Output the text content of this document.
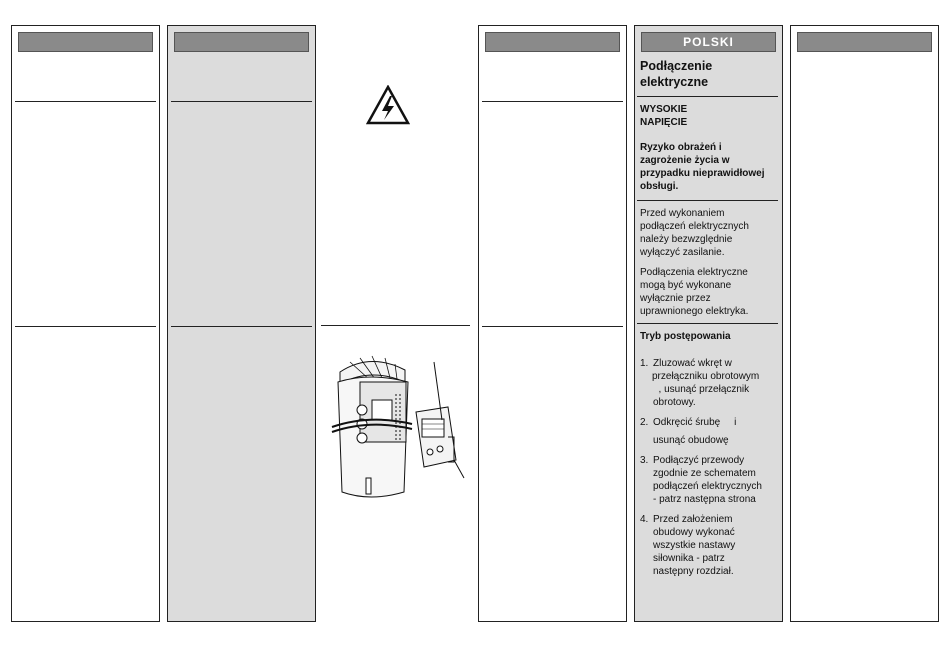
POLSKI
Podłączenie
elektryczne
WYSOKIE
NAPIĘCIE
Ryzyko obrażeń i
zagrożenie życia w
przypadku nieprawidłowej
obsługi.
Przed wykonaniem
podłączeń elektrycznych
należy bezwzględnie
wyłączyć zasilanie.
Podłączenia elektryczne
mogą być wykonane
wyłącznie przez
uprawnionego elektryka.
Tryb postępowania
1. Zluzować wkręt w
przełączniku obrotowym
, usunąć przełącznik
obrotowy.
2. Odkręcić śrubę     i
usunąć obudowę
3. Podłączyć przewody
zgodnie ze schematem
podłączeń elektrycznych
- patrz następna strona
4. Przed założeniem
obudowy wykonać
wszystkie nastawy
siłownika - patrz
następny rozdział.
